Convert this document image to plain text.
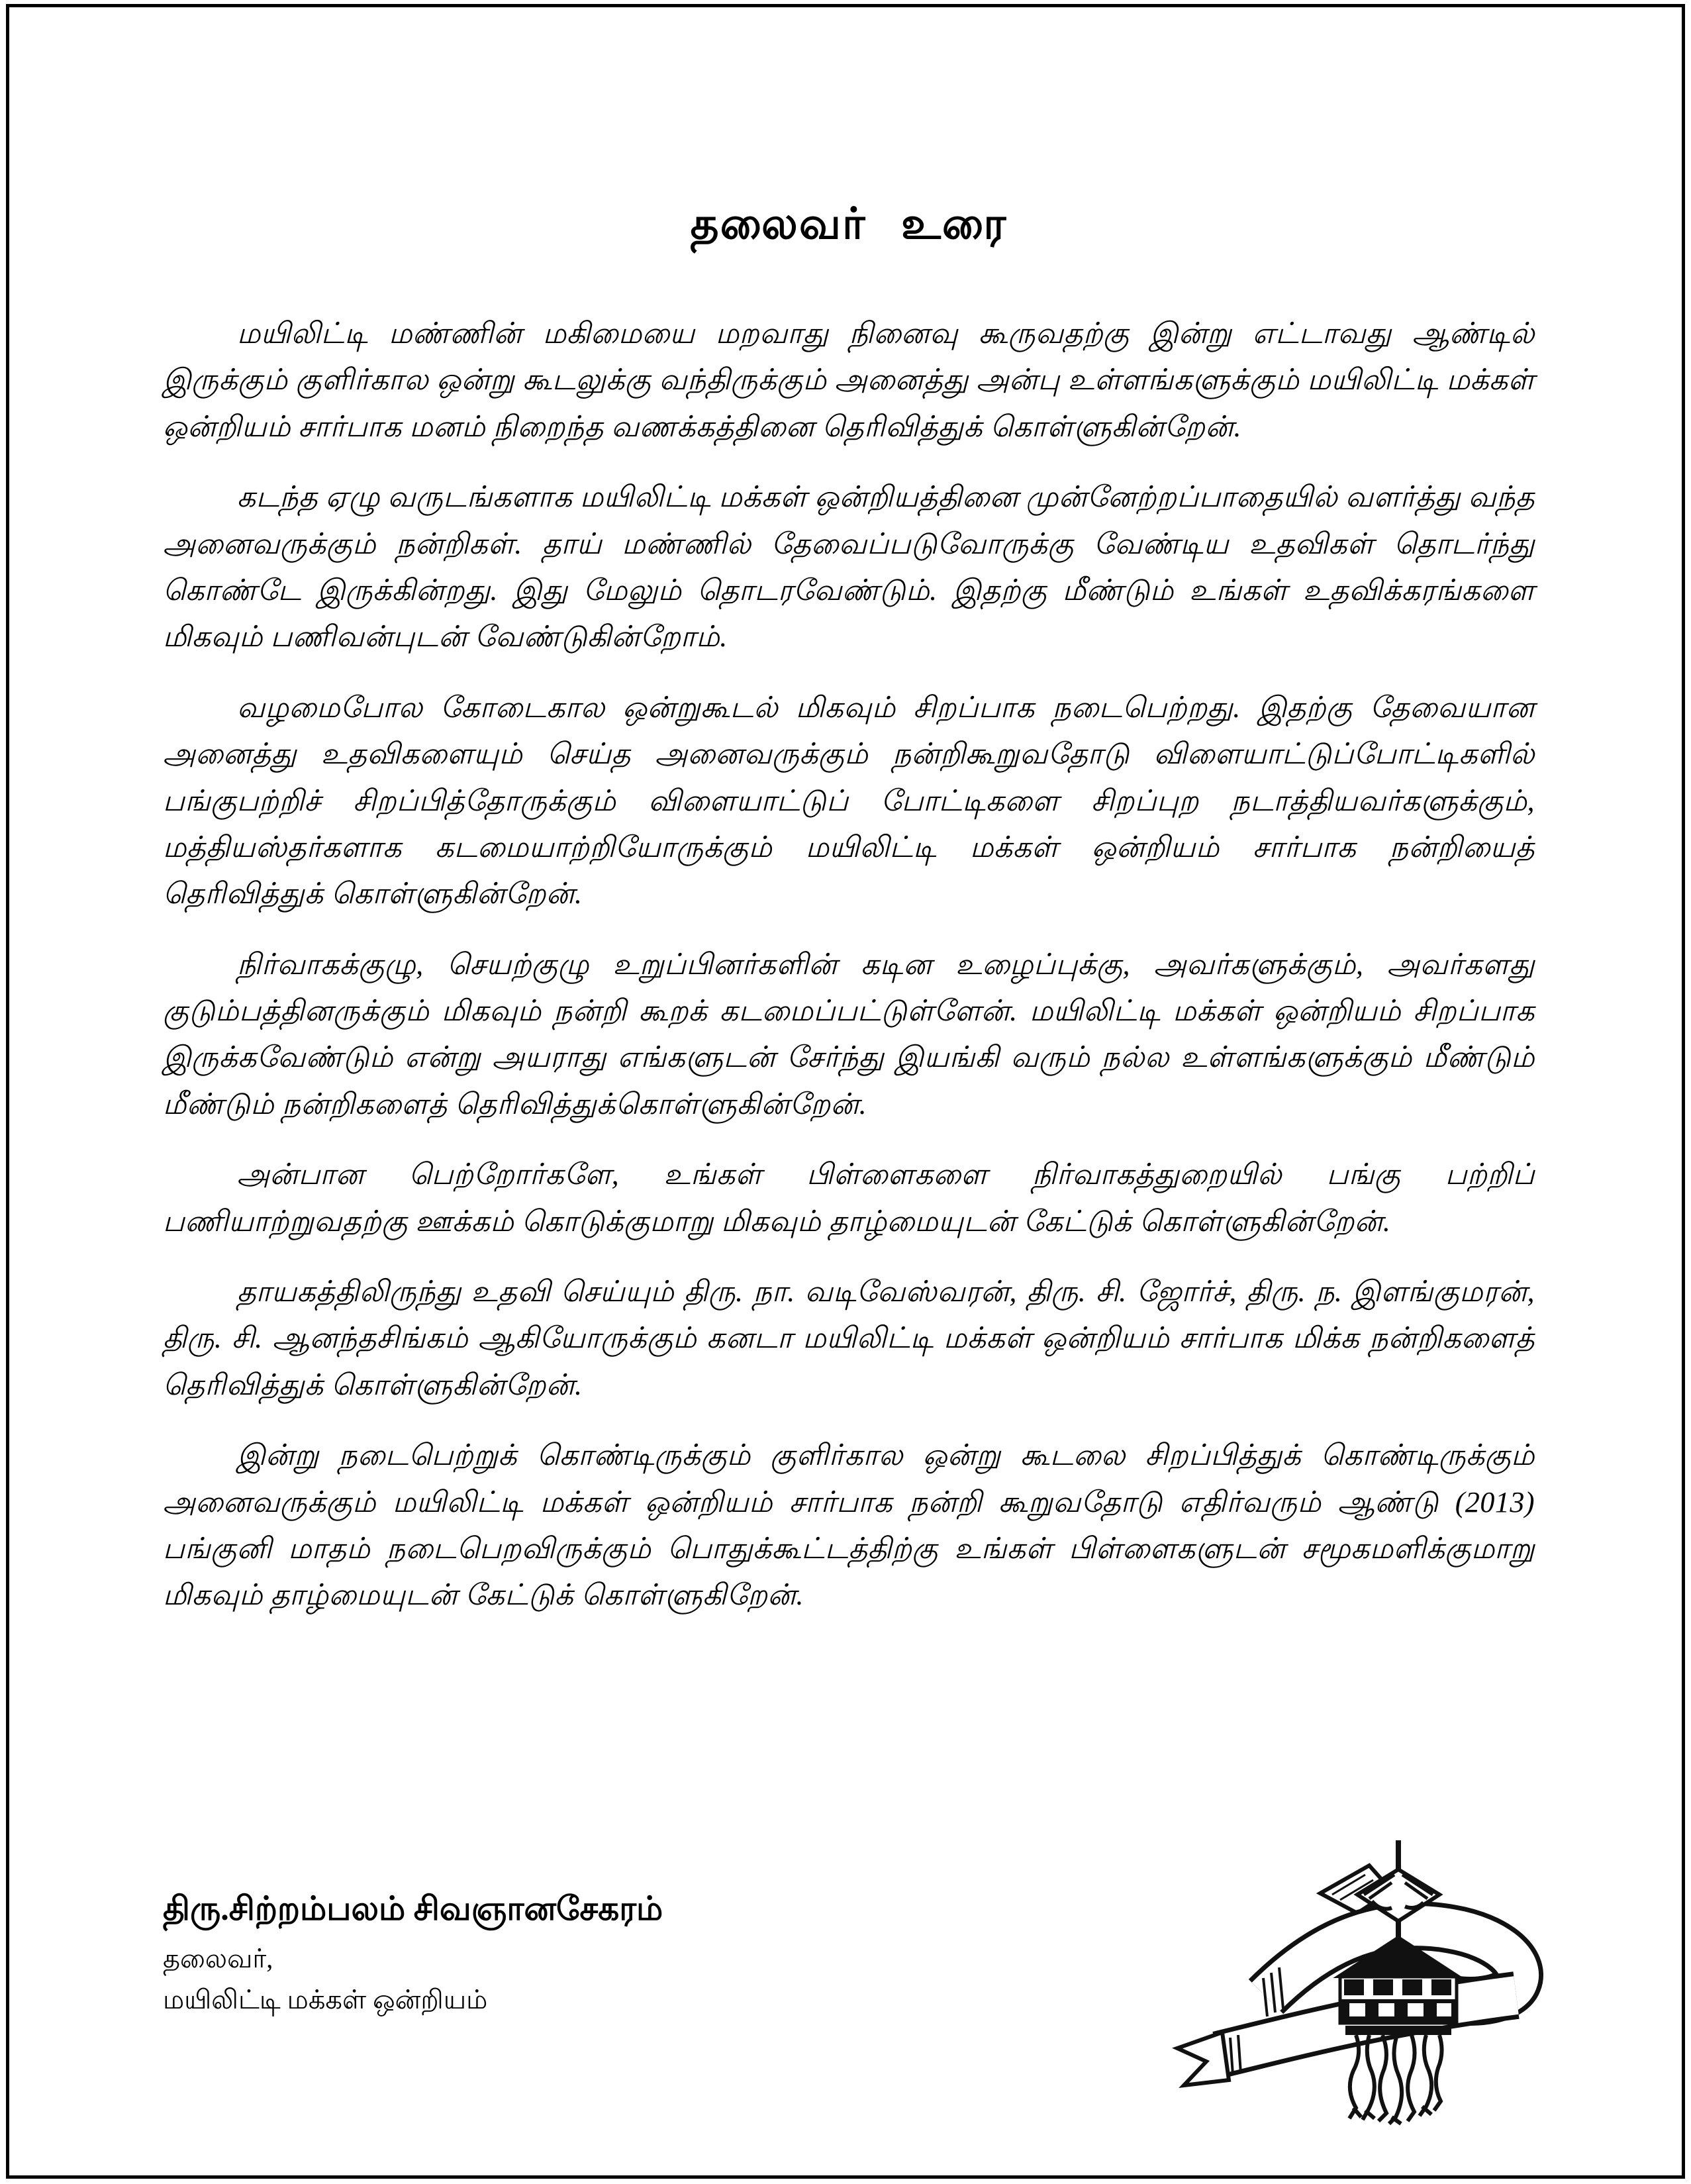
தலைவர் உரை

மயிலிட்டி மண்ணின் மகிமையை மறவாது நினைவு கூருவதற்கு இன்று எட்டாவது ஆண்டில் இருக்கும் குளிர்கால ஒன்று கூடலுக்கு வந்திருக்கும் அனைத்து அன்பு உள்ளங்களுக்கும் மயிலிட்டி மக்கள் ஒன்றியம் சார்பாக மனம் நிறைந்த வணக்கத்தினை தெரிவித்துக் கொள்ளுகின்றேன்.

கடந்த ஏழு வருடங்களாக மயிலிட்டி மக்கள் ஒன்றியத்தினை முன்னேற்றப்பாதையில் வளர்த்து வந்த அனைவருக்கும் நன்றிகள். தாய் மண்ணில் தேவைப்படுவோருக்கு வேண்டிய உதவிகள் தொடர்ந்து கொண்டே இருக்கின்றது. இது மேலும் தொடரவேண்டும். இதற்கு மீண்டும் உங்கள் உதவிக்கரங்களை மிகவும் பணிவன்புடன் வேண்டுகின்றோம்.

வழமைபோல கோடைகால ஒன்றுகூடல் மிகவும் சிறப்பாக நடைபெற்றது. இதற்கு தேவையான அனைத்து உதவிகளையும் செய்த அனைவருக்கும் நன்றிகூறுவதோடு விளையாட்டுப்போட்டிகளில் பங்குபற்றிச் சிறப்பித்தோருக்கும் விளையாட்டுப் போட்டிகளை சிறப்புற நடாத்தியவர்களுக்கும், மத்தியஸ்தர்களாக கடமையாற்றியோருக்கும் மயிலிட்டி மக்கள் ஒன்றியம் சார்பாக நன்றியைத் தெரிவித்துக் கொள்ளுகின்றேன்.

நிர்வாகக்குழு, செயற்குழு உறுப்பினர்களின் கடின உழைப்புக்கு, அவர்களுக்கும், அவர்களது குடும்பத்தினருக்கும் மிகவும் நன்றி கூறக் கடமைப்பட்டுள்ளேன். மயிலிட்டி மக்கள் ஒன்றியம் சிறப்பாக இருக்கவேண்டும் என்று அயராது எங்களுடன் சேர்ந்து இயங்கி வரும் நல்ல உள்ளங்களுக்கும் மீண்டும் மீண்டும் நன்றிகளைத் தெரிவித்துக்கொள்ளுகின்றேன்.

அன்பான பெற்றோர்களே, உங்கள் பிள்ளைகளை நிர்வாகத்துறையில் பங்கு பற்றிப் பணியாற்றுவதற்கு ஊக்கம் கொடுக்குமாறு மிகவும் தாழ்மையுடன் கேட்டுக் கொள்ளுகின்றேன்.

தாயகத்திலிருந்து உதவி செய்யும் திரு. நா. வடிவேஸ்வரன், திரு. சி. ஜோர்ச், திரு. ந. இளங்குமரன், திரு. சி. ஆனந்தசிங்கம் ஆகியோருக்கும் கனடா மயிலிட்டி மக்கள் ஒன்றியம் சார்பாக மிக்க நன்றிகளைத் தெரிவித்துக் கொள்ளுகின்றேன்.

இன்று நடைபெற்றுக் கொண்டிருக்கும் குளிர்கால ஒன்று கூடலை சிறப்பித்துக் கொண்டிருக்கும் அனைவருக்கும் மயிலிட்டி மக்கள் ஒன்றியம் சார்பாக நன்றி கூறுவதோடு எதிர்வரும் ஆண்டு (2013) பங்குனி மாதம் நடைபெறவிருக்கும் பொதுக்கூட்டத்திற்கு உங்கள் பிள்ளைகளுடன் சமூகமளிக்குமாறு மிகவும் தாழ்மையுடன் கேட்டுக் கொள்ளுகிறேன்.

திரு.சிற்றம்பலம் சிவஞானசேகரம்
தலைவர்,
மயிலிட்டி மக்கள் ஒன்றியம்
